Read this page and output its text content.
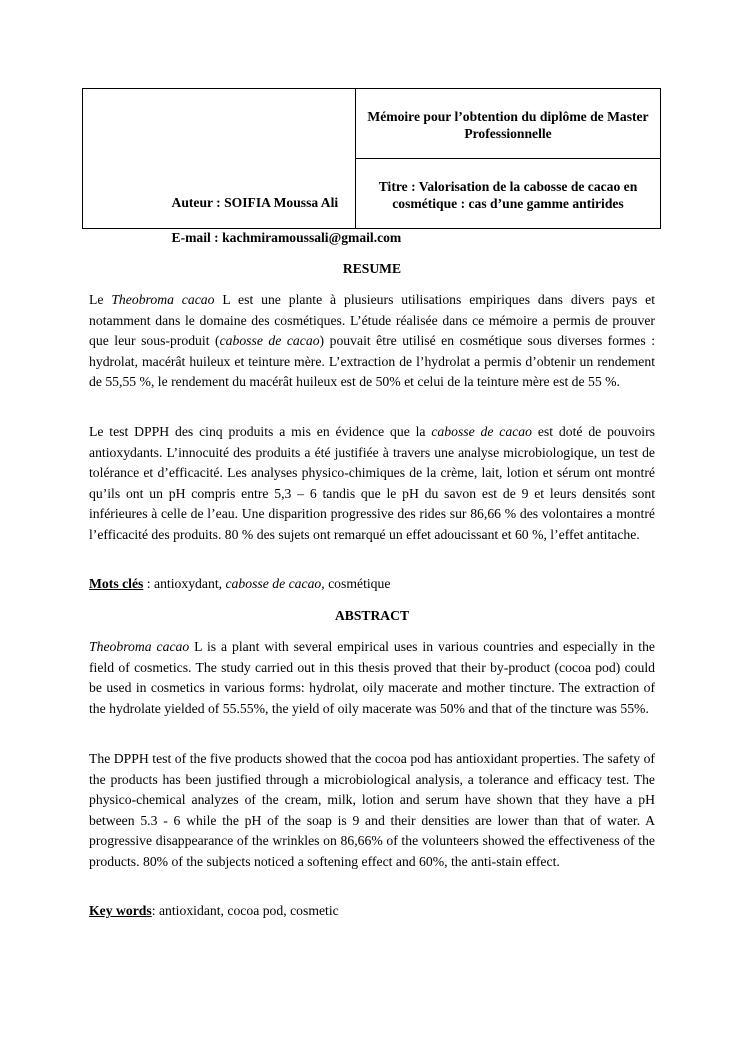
Auteur : SOIFIA Moussa Ali
E-mail : kachmiramoussali@gmail.com

Mémoire pour l’obtention du diplôme de Master Professionnelle

Titre : Valorisation de la cabosse de cacao en cosmétique : cas d’une gamme antirides
RESUME

Le Theobroma cacao L est une plante à plusieurs utilisations empiriques dans divers pays et notamment dans le domaine des cosmétiques. L’étude réalisée dans ce mémoire a permis de prouver que leur sous-produit (cabosse de cacao) pouvait être utilisé en cosmétique sous diverses formes : hydrolat, macérât huileux et teinture mère. L’extraction de l’hydrolat a permis d’obtenir un rendement de 55,55 %, le rendement du macérât huileux est de 50% et celui de la teinture mère est de 55 %.

Le test DPPH des cinq produits a mis en évidence que la cabosse de cacao est doté de pouvoirs antioxydants. L’innocuité des produits a été justifiée à travers une analyse microbiologique, un test de tolérance et d’efficacité. Les analyses physico-chimiques de la crème, lait, lotion et sérum ont montré qu’ils ont un pH compris entre 5,3 – 6 tandis que le pH du savon est de 9 et leurs densités sont inférieures à celle de l’eau. Une disparition progressive des rides sur 86,66 % des volontaires a montré l’efficacité des produits. 80 % des sujets ont remarqué un effet adoucissant et 60 %, l’effet antitache.

Mots clés : antioxydant, cabosse de cacao, cosmétique

ABSTRACT

Theobroma cacao L is a plant with several empirical uses in various countries and especially in the field of cosmetics. The study carried out in this thesis proved that their by-product (cocoa pod) could be used in cosmetics in various forms: hydrolat, oily macerate and mother tincture. The extraction of the hydrolate yielded of 55.55%, the yield of oily macerate was 50% and that of the tincture was 55%.

The DPPH test of the five products showed that the cocoa pod has antioxidant properties. The safety of the products has been justified through a microbiological analysis, a tolerance and efficacy test. The physico-chemical analyzes of the cream, milk, lotion and serum have shown that they have a pH between 5.3 - 6 while the pH of the soap is 9 and their densities are lower than that of water. A progressive disappearance of the wrinkles on 86,66% of the volunteers showed the effectiveness of the products. 80% of the subjects noticed a softening effect and 60%, the anti-stain effect.

Key words: antioxidant, cocoa pod, cosmetic
